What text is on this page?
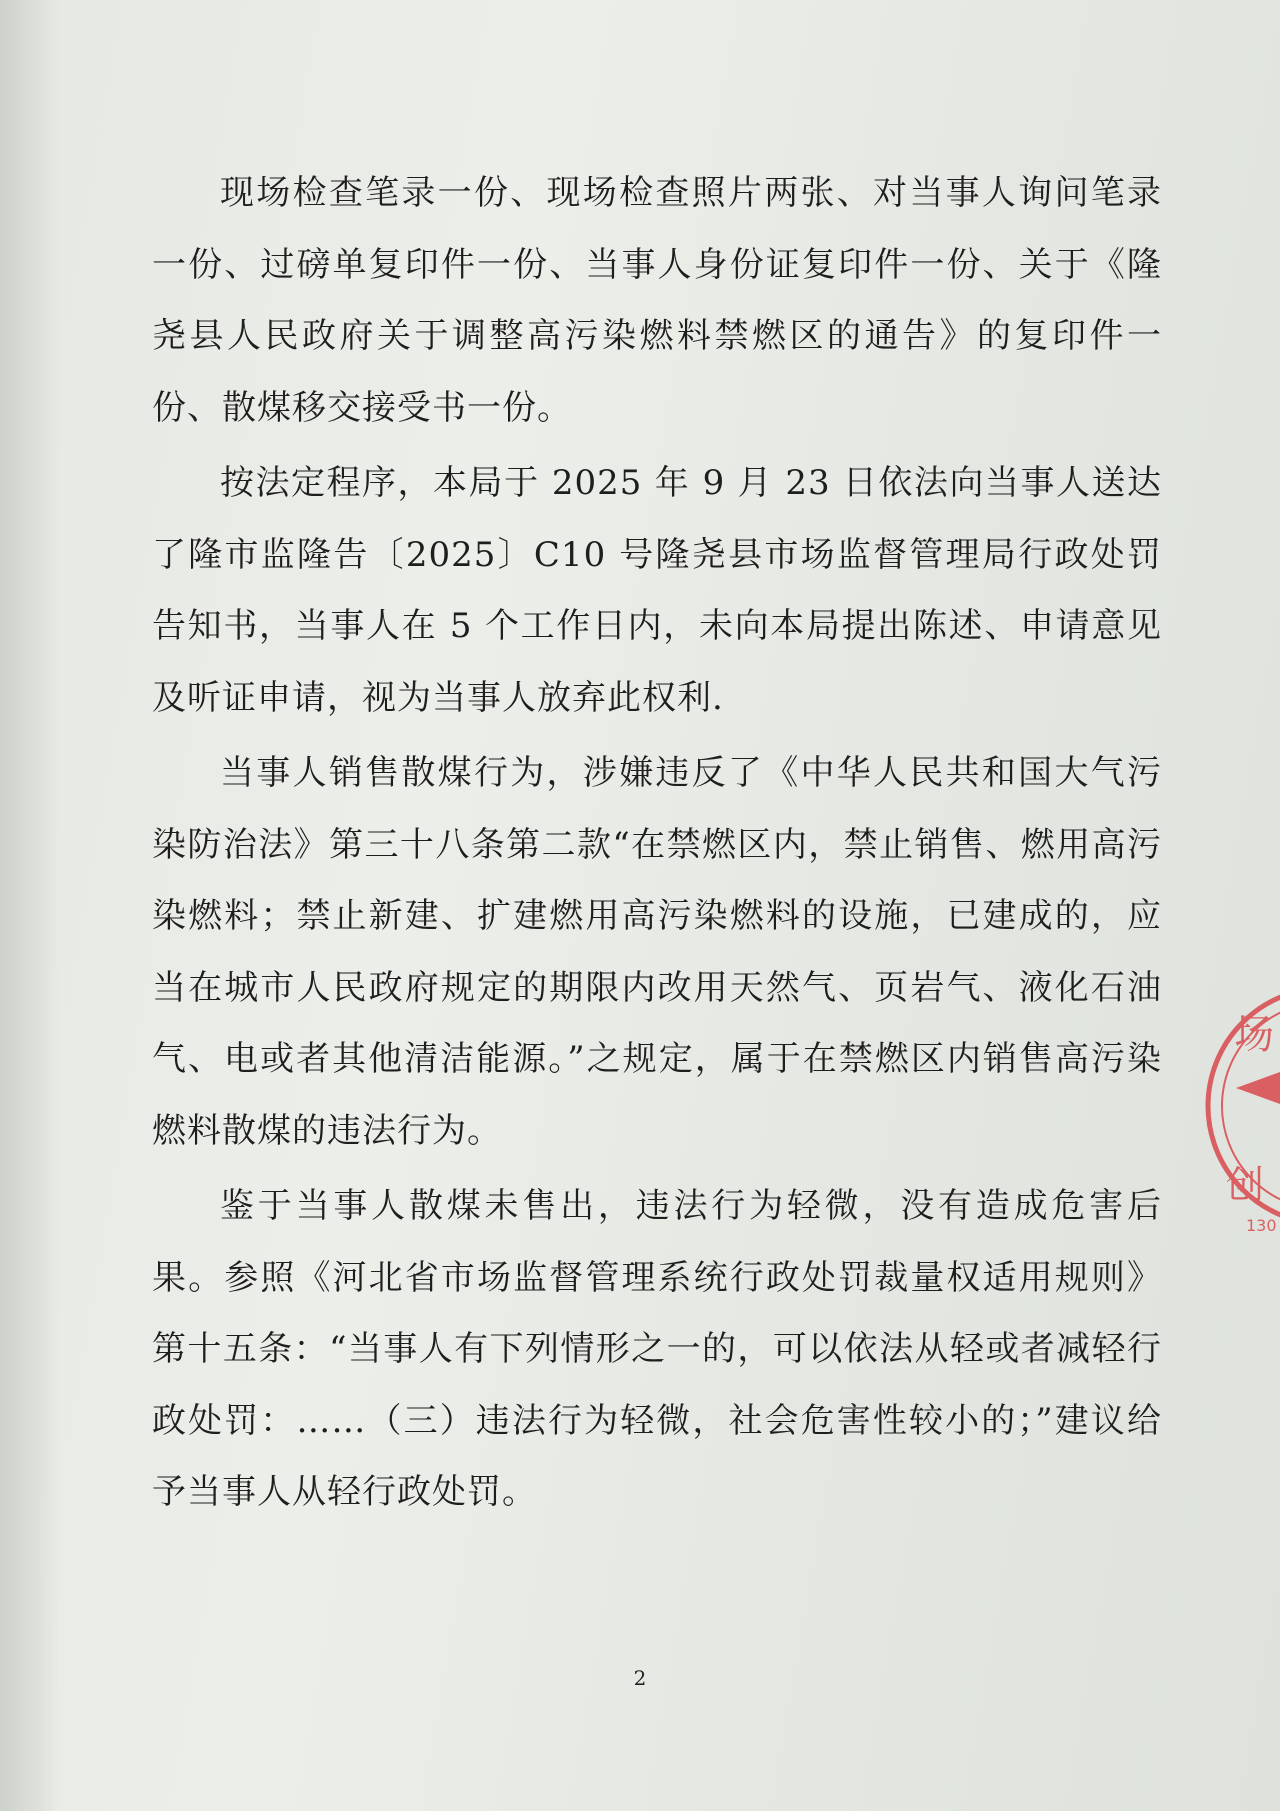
现场检查笔录一份、现场检查照片两张、对当事人询问笔录一份、过磅单复印件一份、当事人身份证复印件一份、关于《隆尧县人民政府关于调整高污染燃料禁燃区的通告》的复印件一份、散煤移交接受书一份。

按法定程序，本局于 2025 年 9 月 23 日依法向当事人送达了隆市监隆告〔2025〕C10 号隆尧县市场监督管理局行政处罚告知书，当事人在 5 个工作日内，未向本局提出陈述、申请意见及听证申请，视为当事人放弃此权利.

当事人销售散煤行为，涉嫌违反了《中华人民共和国大气污染防治法》第三十八条第二款“在禁燃区内，禁止销售、燃用高污染燃料；禁止新建、扩建燃用高污染燃料的设施，已建成的，应当在城市人民政府规定的期限内改用天然气、页岩气、液化石油气、电或者其他清洁能源。”之规定，属于在禁燃区内销售高污染燃料散煤的违法行为。

鉴于当事人散煤未售出，违法行为轻微，没有造成危害后果。参照《河北省市场监督管理系统行政处罚裁量权适用规则》第十五条：“当事人有下列情形之一的，可以依法从轻或者减轻行政处罚：……（三）违法行为轻微，社会危害性较小的；”建议给予当事人从轻行政处罚。

场
创
130
2
